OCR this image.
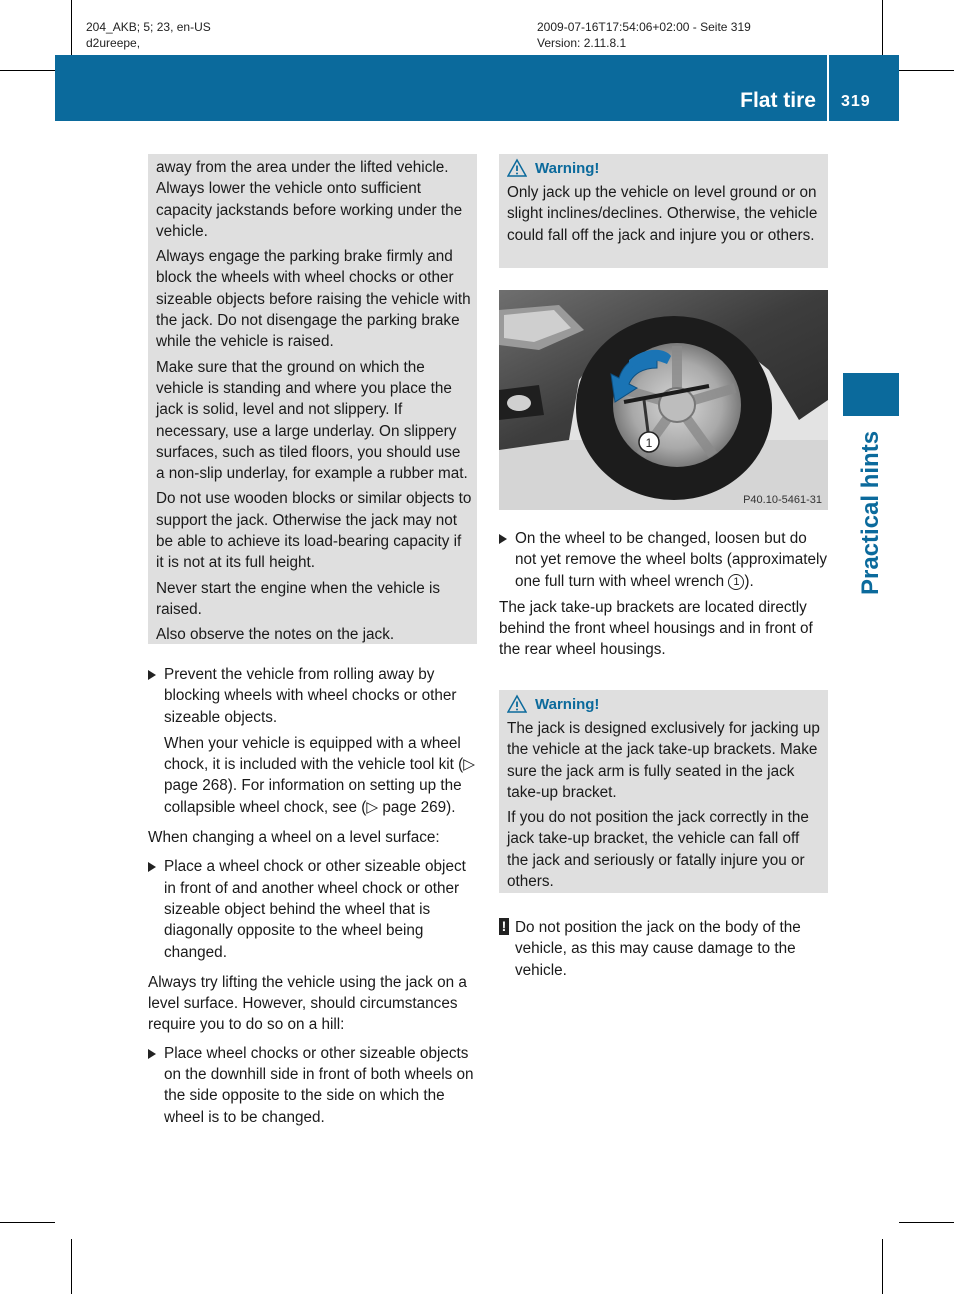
204_AKB; 5; 23, en-US
d2ureepe,
2009-07-16T17:54:06+02:00 - Seite 319
Version: 2.11.8.1
Flat tire 319
Practical hints

away from the area under the lifted vehicle. Always lower the vehicle onto sufficient capacity jackstands before working under the vehicle.

Always engage the parking brake firmly and block the wheels with wheel chocks or other sizeable objects before raising the vehicle with the jack. Do not disengage the parking brake while the vehicle is raised.

Make sure that the ground on which the vehicle is standing and where you place the jack is solid, level and not slippery. If necessary, use a large underlay. On slippery surfaces, such as tiled floors, you should use a non-slip underlay, for example a rubber mat.

Do not use wooden blocks or similar objects to support the jack. Otherwise the jack may not be able to achieve its load-bearing capacity if it is not at its full height.

Never start the engine when the vehicle is raised.

Also observe the notes on the jack.

Prevent the vehicle from rolling away by blocking wheels with wheel chocks or other sizeable objects.

When your vehicle is equipped with a wheel chock, it is included with the vehicle tool kit (▷ page 268). For information on setting up the collapsible wheel chock, see (▷ page 269).

When changing a wheel on a level surface:

Place a wheel chock or other sizeable object in front of and another wheel chock or other sizeable object behind the wheel that is diagonally opposite to the wheel being changed.

Always try lifting the vehicle using the jack on a level surface. However, should circumstances require you to do so on a hill:

Place wheel chocks or other sizeable objects on the downhill side in front of both wheels on the side opposite to the side on which the wheel is to be changed.

Warning!

Only jack up the vehicle on level ground or on slight inclines/declines. Otherwise, the vehicle could fall off the jack and injure you or others.

1
P40.10-5461-31

On the wheel to be changed, loosen but do not yet remove the wheel bolts (approximately one full turn with wheel wrench 1 ).

The jack take-up brackets are located directly behind the front wheel housings and in front of the rear wheel housings.

Warning!

The jack is designed exclusively for jacking up the vehicle at the jack take-up brackets. Make sure the jack arm is fully seated in the jack take-up bracket.

If you do not position the jack correctly in the jack take-up bracket, the vehicle can fall off the jack and seriously or fatally injure you or others.

! Do not position the jack on the body of the vehicle, as this may cause damage to the vehicle.
